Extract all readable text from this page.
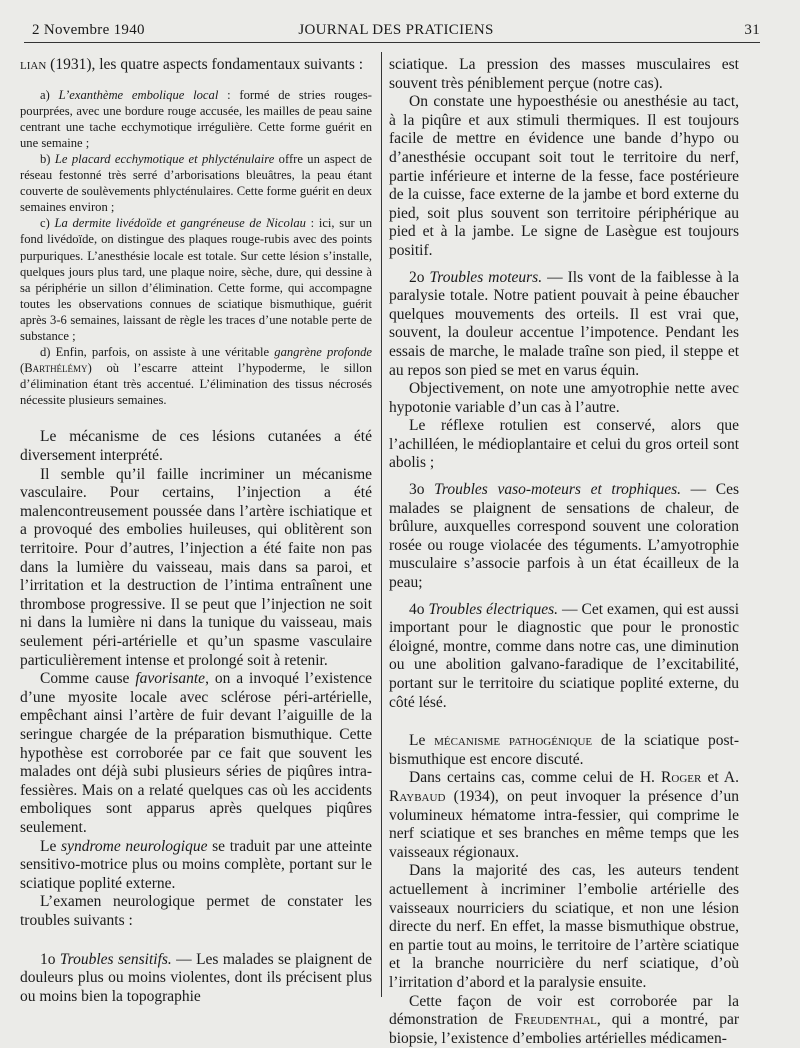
2 Novembre 1940	JOURNAL DES PRATICIENS	31

lian (1931), les quatre aspects fondamentaux suivants :

a) L’exanthème embolique local : formé de stries rouges-pourprées, avec une bordure rouge accusée, les mailles de peau saine centrant une tache ecchymotique irrégulière. Cette forme guérit en une semaine ;

b) Le placard ecchymotique et phlycténulaire offre un aspect de réseau festonné très serré d’arborisations bleuâtres, la peau étant couverte de soulèvements phlycténulaires. Cette forme guérit en deux semaines environ ;

c) La dermite livédoïde et gangréneuse de Nicolau : ici, sur un fond livédoïde, on distingue des plaques rouge-rubis avec des points purpuriques. L’anesthésie locale est totale. Sur cette lésion s’installe, quelques jours plus tard, une plaque noire, sèche, dure, qui dessine à sa périphérie un sillon d’élimination. Cette forme, qui accompagne toutes les observations connues de sciatique bismuthique, guérit après 3-6 semaines, laissant de règle les traces d’une notable perte de substance ;

d) Enfin, parfois, on assiste à une véritable gangrène profonde (Barthélémy) où l’escarre atteint l’hypoderme, le sillon d’élimination étant très accentué. L’élimination des tissus nécrosés nécessite plusieurs semaines.

Le mécanisme de ces lésions cutanées a été diversement interprété.

Il semble qu’il faille incriminer un mécanisme vasculaire. Pour certains, l’injection a été malencontreusement poussée dans l’artère ischiatique et a provoqué des embolies huileuses, qui oblitèrent son territoire. Pour d’autres, l’injection a été faite non pas dans la lumière du vaisseau, mais dans sa paroi, et l’irritation et la destruction de l’intima entraînent une thrombose progressive. Il se peut que l’injection ne soit ni dans la lumière ni dans la tunique du vaisseau, mais seulement péri-artérielle et qu’un spasme vasculaire particulièrement intense et prolongé soit à retenir.

Comme cause favorisante, on a invoqué l’existence d’une myosite locale avec sclérose péri-artérielle, empêchant ainsi l’artère de fuir devant l’aiguille de la seringue chargée de la préparation bismuthique. Cette hypothèse est corroborée par ce fait que souvent les malades ont déjà subi plusieurs séries de piqûres intra-fessières. Mais on a relaté quelques cas où les accidents emboliques sont apparus après quelques piqûres seulement.

Le syndrome neurologique se traduit par une atteinte sensitivo-motrice plus ou moins complète, portant sur le sciatique poplité externe.

L’examen neurologique permet de constater les troubles suivants :

1o Troubles sensitifs. — Les malades se plaignent de douleurs plus ou moins violentes, dont ils précisent plus ou moins bien la topographie

sciatique. La pression des masses musculaires est souvent très péniblement perçue (notre cas).

On constate une hypoesthésie ou anesthésie au tact, à la piqûre et aux stimuli thermiques. Il est toujours facile de mettre en évidence une bande d’hypo ou d’anesthésie occupant soit tout le territoire du nerf, partie inférieure et interne de la fesse, face postérieure de la cuisse, face externe de la jambe et bord externe du pied, soit plus souvent son territoire périphérique au pied et à la jambe. Le signe de Lasègue est toujours positif.

2o Troubles moteurs. — Ils vont de la faiblesse à la paralysie totale. Notre patient pouvait à peine ébaucher quelques mouvements des orteils. Il est vrai que, souvent, la douleur accentue l’impotence. Pendant les essais de marche, le malade traîne son pied, il steppe et au repos son pied se met en varus équin.

Objectivement, on note une amyotrophie nette avec hypotonie variable d’un cas à l’autre.

Le réflexe rotulien est conservé, alors que l’achilléen, le médioplantaire et celui du gros orteil sont abolis ;

3o Troubles vaso-moteurs et trophiques. — Ces malades se plaignent de sensations de chaleur, de brûlure, auxquelles correspond souvent une coloration rosée ou rouge violacée des téguments. L’amyotrophie musculaire s’associe parfois à un état écailleux de la peau;

4o Troubles électriques. — Cet examen, qui est aussi important pour le diagnostic que pour le pronostic éloigné, montre, comme dans notre cas, une diminution ou une abolition galvano-faradique de l’excitabilité, portant sur le territoire du sciatique poplité externe, du côté lésé.

Le mécanisme pathogénique de la sciatique post-bismuthique est encore discuté.

Dans certains cas, comme celui de H. Roger et A. Raybaud (1934), on peut invoquer la présence d’un volumineux hématome intra-fessier, qui comprime le nerf sciatique et ses branches en même temps que les vaisseaux régionaux.

Dans la majorité des cas, les auteurs tendent actuellement à incriminer l’embolie artérielle des vaisseaux nourriciers du sciatique, et non une lésion directe du nerf. En effet, la masse bismuthique obstrue, en partie tout au moins, le territoire de l’artère sciatique et la branche nourricière du nerf sciatique, d’où l’irritation d’abord et la paralysie ensuite.

Cette façon de voir est corroborée par la démonstration de Freudenthal, qui a montré, par biopsie, l’existence d’embolies artérielles médicamen-
